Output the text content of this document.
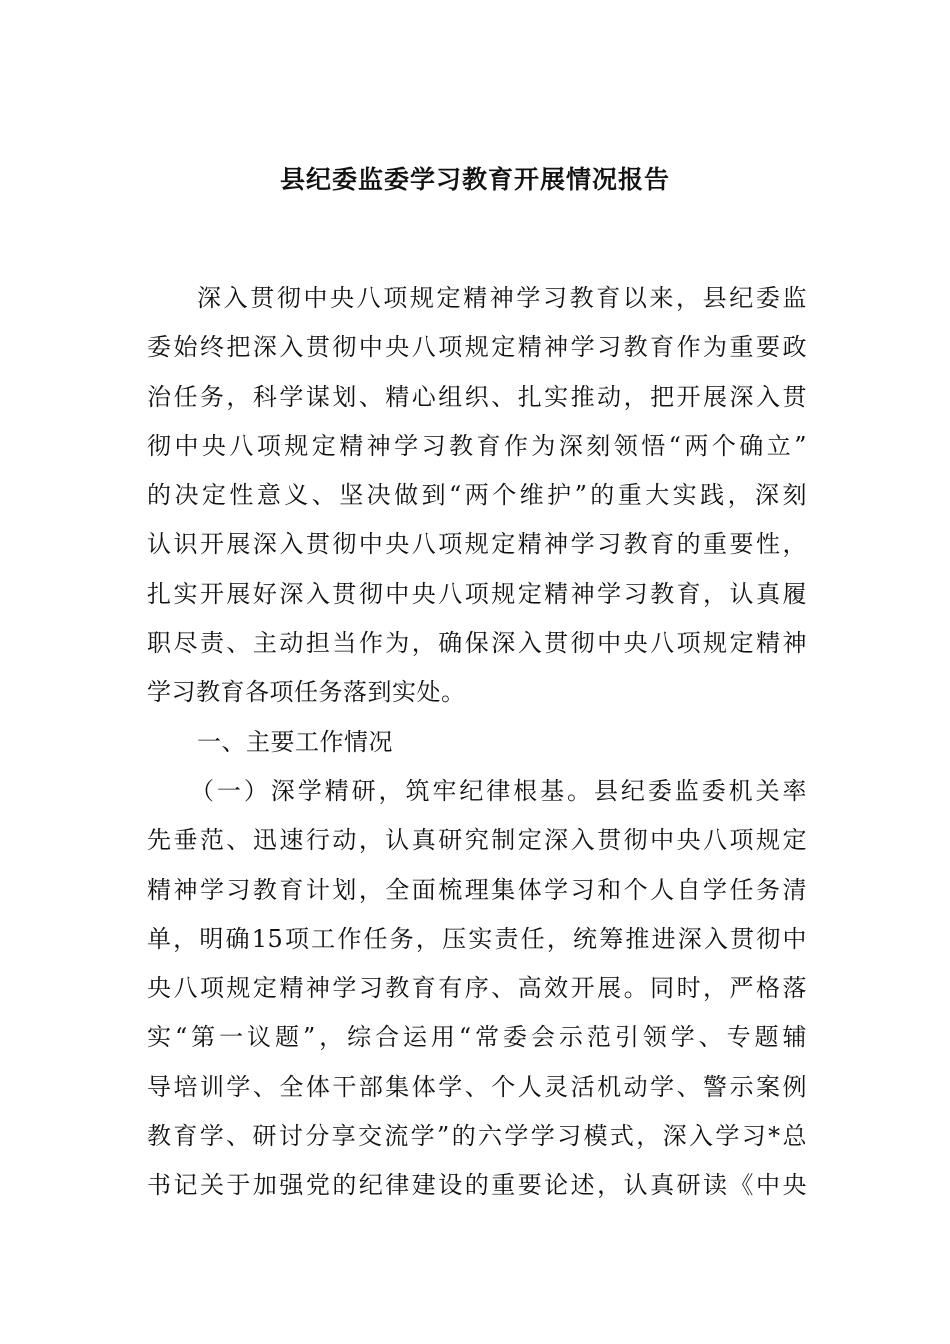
县纪委监委学习教育开展情况报告
深入贯彻中央八项规定精神学习教育以来，县纪委监
委始终把深入贯彻中央八项规定精神学习教育作为重要政
治任务，科学谋划、精心组织、扎实推动，把开展深入贯
彻中央八项规定精神学习教育作为深刻领悟“两个确立”
的决定性意义、坚决做到“两个维护”的重大实践，深刻
认识开展深入贯彻中央八项规定精神学习教育的重要性，
扎实开展好深入贯彻中央八项规定精神学习教育，认真履
职尽责、主动担当作为，确保深入贯彻中央八项规定精神
学习教育各项任务落到实处。
一、主要工作情况
（一）深学精研，筑牢纪律根基。县纪委监委机关率
先垂范、迅速行动，认真研究制定深入贯彻中央八项规定
精神学习教育计划，全面梳理集体学习和个人自学任务清
单，明确15项工作任务，压实责任，统筹推进深入贯彻中
央八项规定精神学习教育有序、高效开展。同时，严格落
实“第一议题”，综合运用“常委会示范引领学、专题辅
导培训学、全体干部集体学、个人灵活机动学、警示案例
教育学、研讨分享交流学”的六学学习模式，深入学习*总
书记关于加强党的纪律建设的重要论述，认真研读《中央
